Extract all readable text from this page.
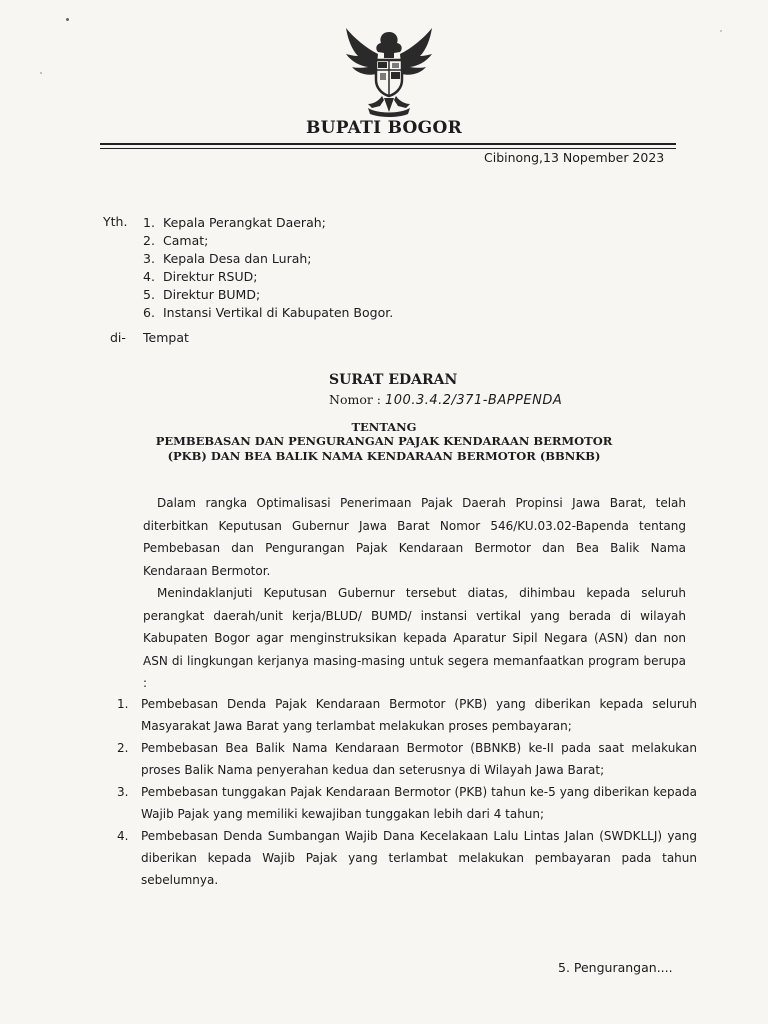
BUPATI BOGOR
Cibinong,13 Nopember 2023
Yth. 1. Kepala Perangkat Daerah;
2. Camat;
3. Kepala Desa dan Lurah;
4. Direktur RSUD;
5. Direktur BUMD;
6. Instansi Vertikal di Kabupaten Bogor.
di- Tempat
SURAT EDARAN
Nomor : 100.3.4.2/371-BAPPENDA
TENTANG
PEMBEBASAN DAN PENGURANGAN PAJAK KENDARAAN BERMOTOR
(PKB) DAN BEA BALIK NAMA KENDARAAN BERMOTOR (BBNKB)

Dalam rangka Optimalisasi Penerimaan Pajak Daerah Propinsi Jawa Barat, telah diterbitkan Keputusan Gubernur Jawa Barat Nomor 546/KU.03.02-Bapenda tentang Pembebasan dan Pengurangan Pajak Kendaraan Bermotor dan Bea Balik Nama Kendaraan Bermotor.

Menindaklanjuti Keputusan Gubernur tersebut diatas, dihimbau kepada seluruh perangkat daerah/unit kerja/BLUD/ BUMD/ instansi vertikal yang berada di wilayah Kabupaten Bogor agar menginstruksikan kepada Aparatur Sipil Negara (ASN) dan non ASN di lingkungan kerjanya masing-masing untuk segera memanfaatkan program berupa :

1.	Pembebasan Denda Pajak Kendaraan Bermotor (PKB) yang diberikan kepada seluruh Masyarakat Jawa Barat yang terlambat melakukan proses pembayaran;
2.	Pembebasan Bea Balik Nama Kendaraan Bermotor (BBNKB) ke-II pada saat melakukan proses Balik Nama penyerahan kedua dan seterusnya di Wilayah Jawa Barat;
3.	Pembebasan tunggakan Pajak Kendaraan Bermotor (PKB) tahun ke-5 yang diberikan kepada Wajib Pajak yang memiliki kewajiban tunggakan lebih dari 4 tahun;
4.	Pembebasan Denda Sumbangan Wajib Dana Kecelakaan Lalu Lintas Jalan (SWDKLLJ) yang diberikan kepada Wajib Pajak yang terlambat melakukan pembayaran pada tahun sebelumnya.
5. Pengurangan....
